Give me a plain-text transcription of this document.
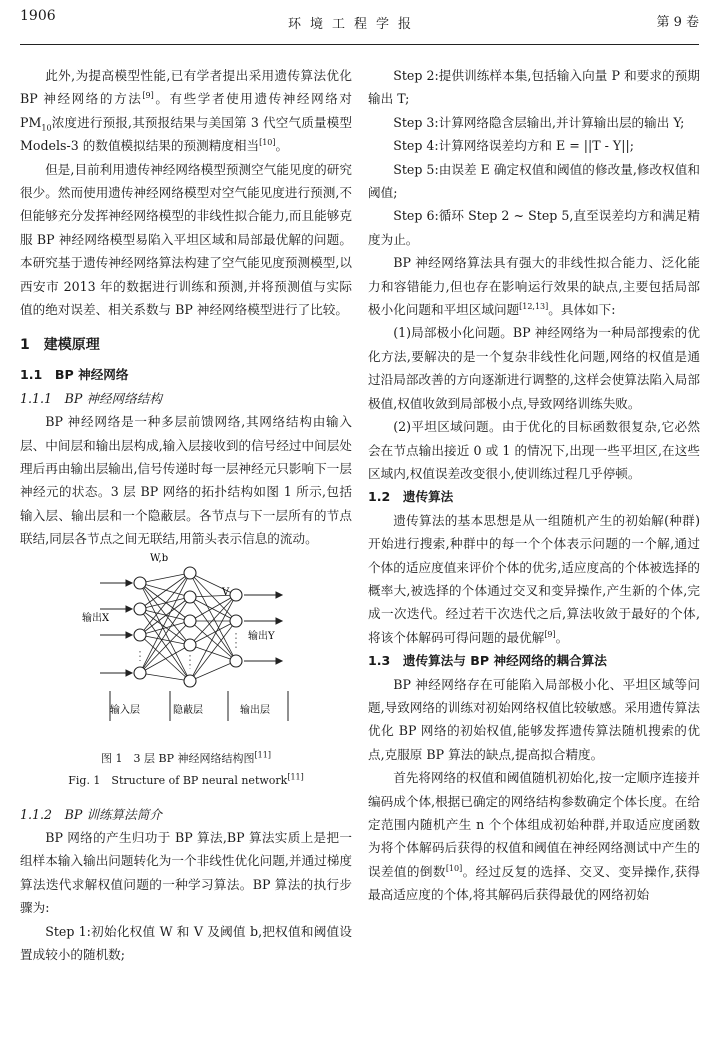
1906
环境工程学报	第 9 卷

此外,为提高模型性能,已有学者提出采用遗传算法优化 BP 神经网络的方法[9]。有些学者使用遗传神经网络对 $PM_{10}$浓度进行预报,其预报结果与美国第 3 代空气质量模型 Models-3 的数值模拟结果的预测精度相当[10]。

但是,目前利用遗传神经网络模型预测空气能见度的研究很少。然而使用遗传神经网络模型对空气能见度进行预测,不但能够充分发挥神经网络模型的非线性拟合能力,而且能够克服 BP 神经网络模型易陷入平坦区域和局部最优解的问题。本研究基于遗传神经网络算法构建了空气能见度预测模型,以西安市 2013 年的数据进行训练和预测,并将预测值与实际值的绝对误差、相关系数与 BP 神经网络模型进行了比较。

1　建模原理
1.1　BP 神经网络
1.1.1　BP 神经网络结构

BP 神经网络是一种多层前馈网络,其网络结构由输入层、中间层和输出层构成,输入层接收到的信号经过中间层处理后再由输出层输出,信号传递时每一层神经元只影响下一层神经元的状态。3 层 BP 网络的拓扑结构如图 1 所示,包括输入层、输出层和一个隐蔽层。各节点与下一层所有的节点联结,同层各节点之间无联结,用箭头表示信息的流动。

W,b
V
输出X
输出Y
输入层	隐蔽层	输出层
图 1　3 层 BP 神经网络结构图[11]
Fig. 1　Structure of BP neural network[11]
1.1.2　BP 训练算法简介

BP 网络的产生归功于 BP 算法,BP 算法实质上是把一组样本输入输出问题转化为一个非线性优化问题,并通过梯度算法迭代求解权值问题的一种学习算法。BP 算法的执行步骤为:

Step 1:初始化权值 W 和 V 及阈值 b,把权值和阈值设置成较小的随机数;

Step 2:提供训练样本集,包括输入向量 P 和要求的预期输出 T;

Step 3:计算网络隐含层输出,并计算输出层的输出 Y;

Step 4:计算网络误差均方和 E = ||T - Y||;

Step 5:由误差 E 确定权值和阈值的修改量,修改权值和阈值;

Step 6:循环 Step 2 ~ Step 5,直至误差均方和满足精度为止。

BP 神经网络算法具有强大的非线性拟合能力、泛化能力和容错能力,但也存在影响运行效果的缺点,主要包括局部极小化问题和平坦区域问题[12,13]。具体如下:

(1)局部极小化问题。BP 神经网络为一种局部搜索的优化方法,要解决的是一个复杂非线性化问题,网络的权值是通过沿局部改善的方向逐渐进行调整的,这样会使算法陷入局部极值,权值收敛到局部极小点,导致网络训练失败。

(2)平坦区域问题。由于优化的目标函数很复杂,它必然会在节点输出接近 0 或 1 的情况下,出现一些平坦区,在这些区域内,权值误差改变很小,使训练过程几乎停顿。

1.2　遗传算法

遗传算法的基本思想是从一组随机产生的初始解(种群)开始进行搜索,种群中的每一个个体表示问题的一个解,通过个体的适应度值来评价个体的优劣,适应度高的个体被选择的概率大,被选择的个体通过交叉和变异操作,产生新的个体,完成一次迭代。经过若干次迭代之后,算法收敛于最好的个体,将该个体解码可得问题的最优解[9]。

1.3　遗传算法与 BP 神经网络的耦合算法

BP 神经网络存在可能陷入局部极小化、平坦区域等问题,导致网络的训练对初始网络权值比较敏感。采用遗传算法优化 BP 网络的初始权值,能够发挥遗传算法随机搜索的优点,克服原 BP 算法的缺点,提高拟合精度。

首先将网络的权值和阈值随机初始化,按一定顺序连接并编码成个体,根据已确定的网络结构参数确定个体长度。在给定范围内随机产生 n 个个体组成初始种群,并取适应度函数为将个体解码后获得的权值和阈值在神经网络测试中产生的误差值的倒数[10]。经过反复的选择、交叉、变异操作,获得最高适应度的个体,将其解码后获得最优的网络初始
